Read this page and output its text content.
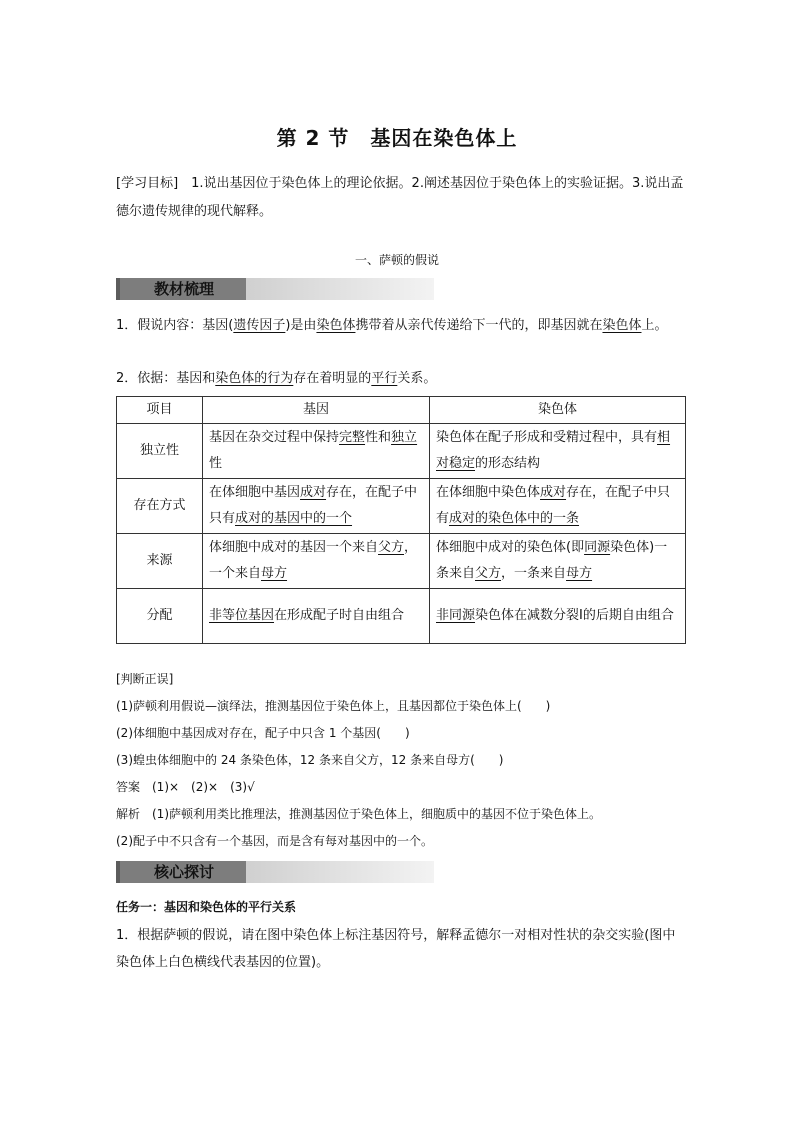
第 2 节　基因在染色体上
[学习目标]　1.说出基因位于染色体上的理论依据。2.阐述基因位于染色体上的实验证据。3.说出孟德尔遗传规律的现代解释。
一、萨顿的假说
教材梳理
1．假说内容：基因(遗传因子)是由染色体携带着从亲代传递给下一代的，即基因就在染色体上。
2．依据：基因和染色体的行为存在着明显的平行关系。
项目	基因	染色体
独立性	基因在杂交过程中保持完整性和独立性	染色体在配子形成和受精过程中，具有相对稳定的形态结构
存在方式	在体细胞中基因成对存在，在配子中只有成对的基因中的一个	在体细胞中染色体成对存在，在配子中只有成对的染色体中的一条
来源	体细胞中成对的基因一个来自父方，一个来自母方	体细胞中成对的染色体(即同源染色体)一条来自父方，一条来自母方
分配	非等位基因在形成配子时自由组合	非同源染色体在减数分裂Ⅰ的后期自由组合
[判断正误]
(1)萨顿利用假说—演绎法，推测基因位于染色体上，且基因都位于染色体上(　　)
(2)体细胞中基因成对存在，配子中只含 1 个基因(　　)
(3)蝗虫体细胞中的 24 条染色体，12 条来自父方，12 条来自母方(　　)
答案　(1)×　(2)×　(3)√
解析　(1)萨顿利用类比推理法，推测基因位于染色体上，细胞质中的基因不位于染色体上。
(2)配子中不只含有一个基因，而是含有每对基因中的一个。
核心探讨
任务一：基因和染色体的平行关系
1．根据萨顿的假说，请在图中染色体上标注基因符号，解释孟德尔一对相对性状的杂交实验(图中染色体上白色横线代表基因的位置)。
